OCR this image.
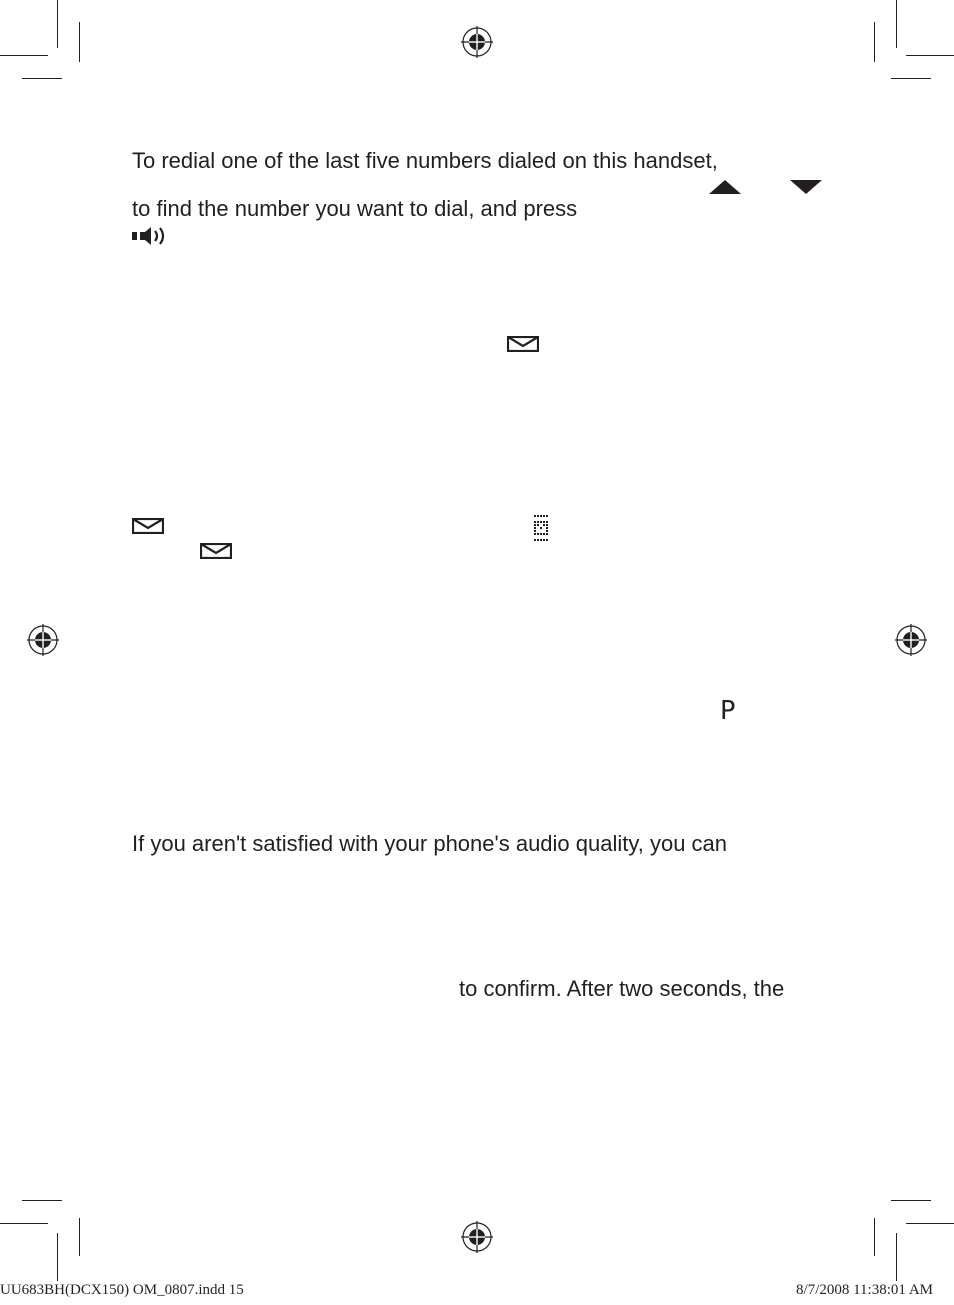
To redial one of the last five numbers dialed on this handset,
to find the number you want to dial, and press
P
If you aren't satisfied with your phone's audio quality, you can
to confirm. After two seconds, the
UU683BH(DCX150) OM_0807.indd 15	8/7/2008 11:38:01 AM
